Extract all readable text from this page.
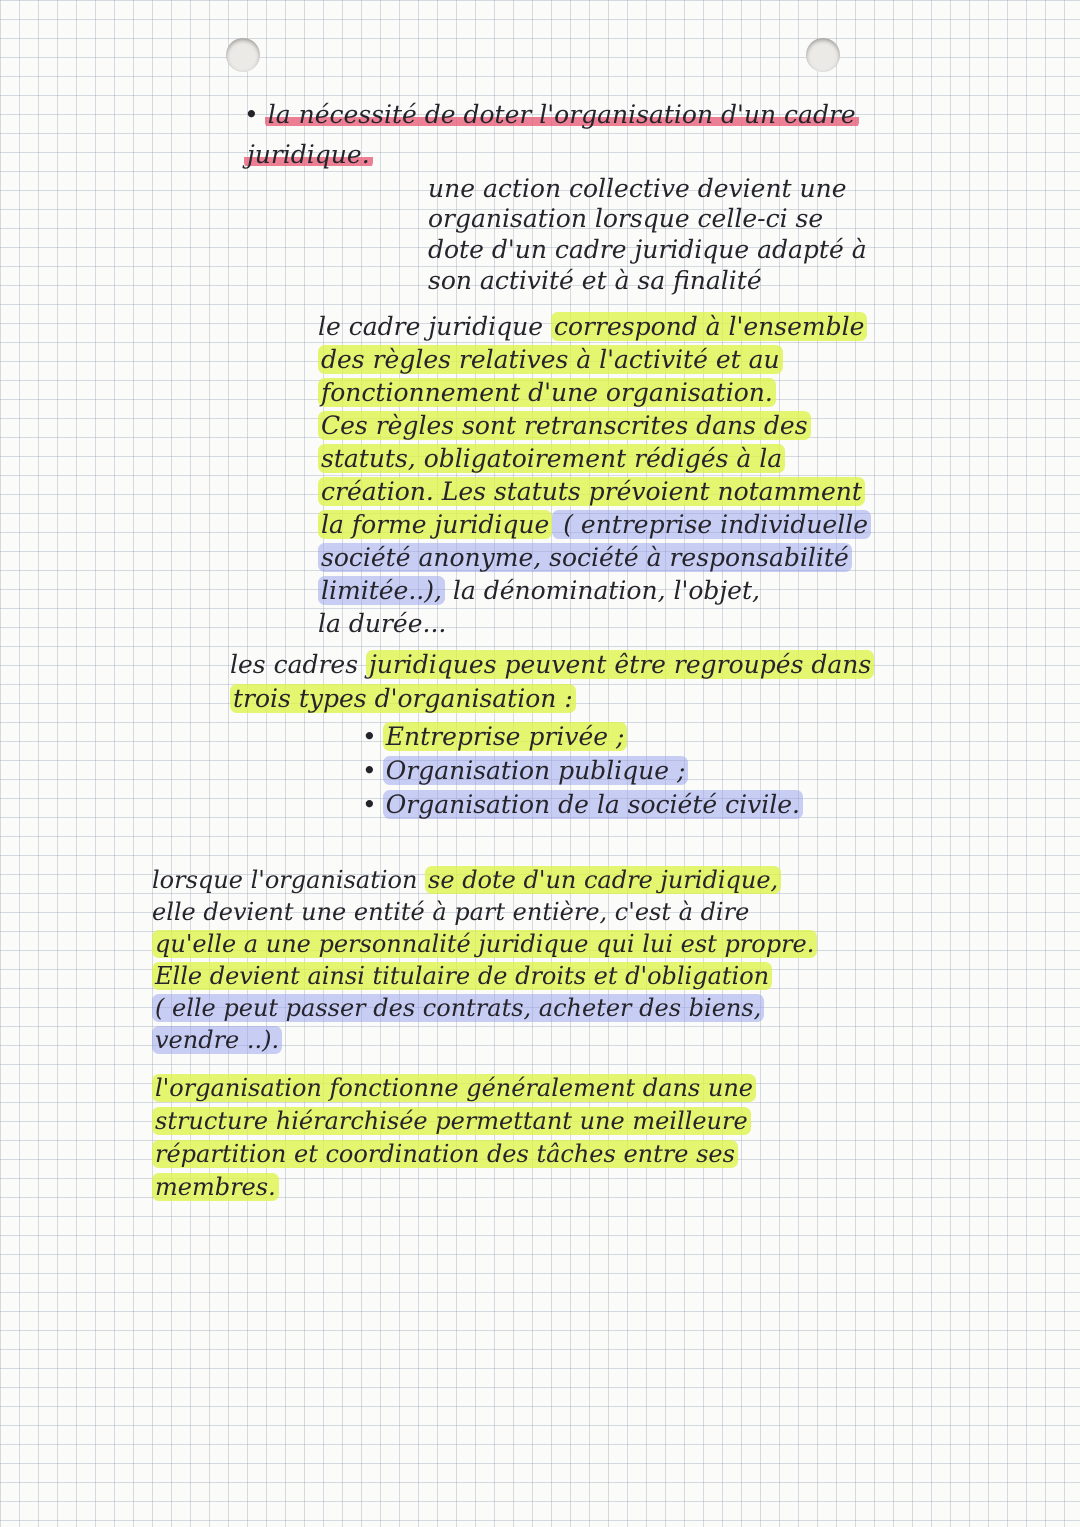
• la nécessité de doter l'organisation d'un cadre
juridique.
une action collective devient une
organisation lorsque celle-ci se
dote d'un cadre juridique adapté à
son activité et à sa finalité
le cadre juridique correspond à l'ensemble
des règles relatives à l'activité et au
fonctionnement d'une organisation.
Ces règles sont retranscrites dans des
statuts, obligatoirement rédigés à la
création. Les statuts prévoient notamment
la forme juridique ( entreprise individuelle
société anonyme, société à responsabilité
limitée..), la dénomination, l'objet,
la durée...
les cadres juridiques peuvent être regroupés dans
trois types d'organisation :
• Entreprise privée ;
• Organisation publique ;
• Organisation de la société civile.
lorsque l'organisation se dote d'un cadre juridique,
elle devient une entité à part entière, c'est à dire
qu'elle a une personnalité juridique qui lui est propre.
Elle devient ainsi titulaire de droits et d'obligation
( elle peut passer des contrats, acheter des biens,
vendre ..).
l'organisation fonctionne généralement dans une
structure hiérarchisée permettant une meilleure
répartition et coordination des tâches entre ses
membres.
